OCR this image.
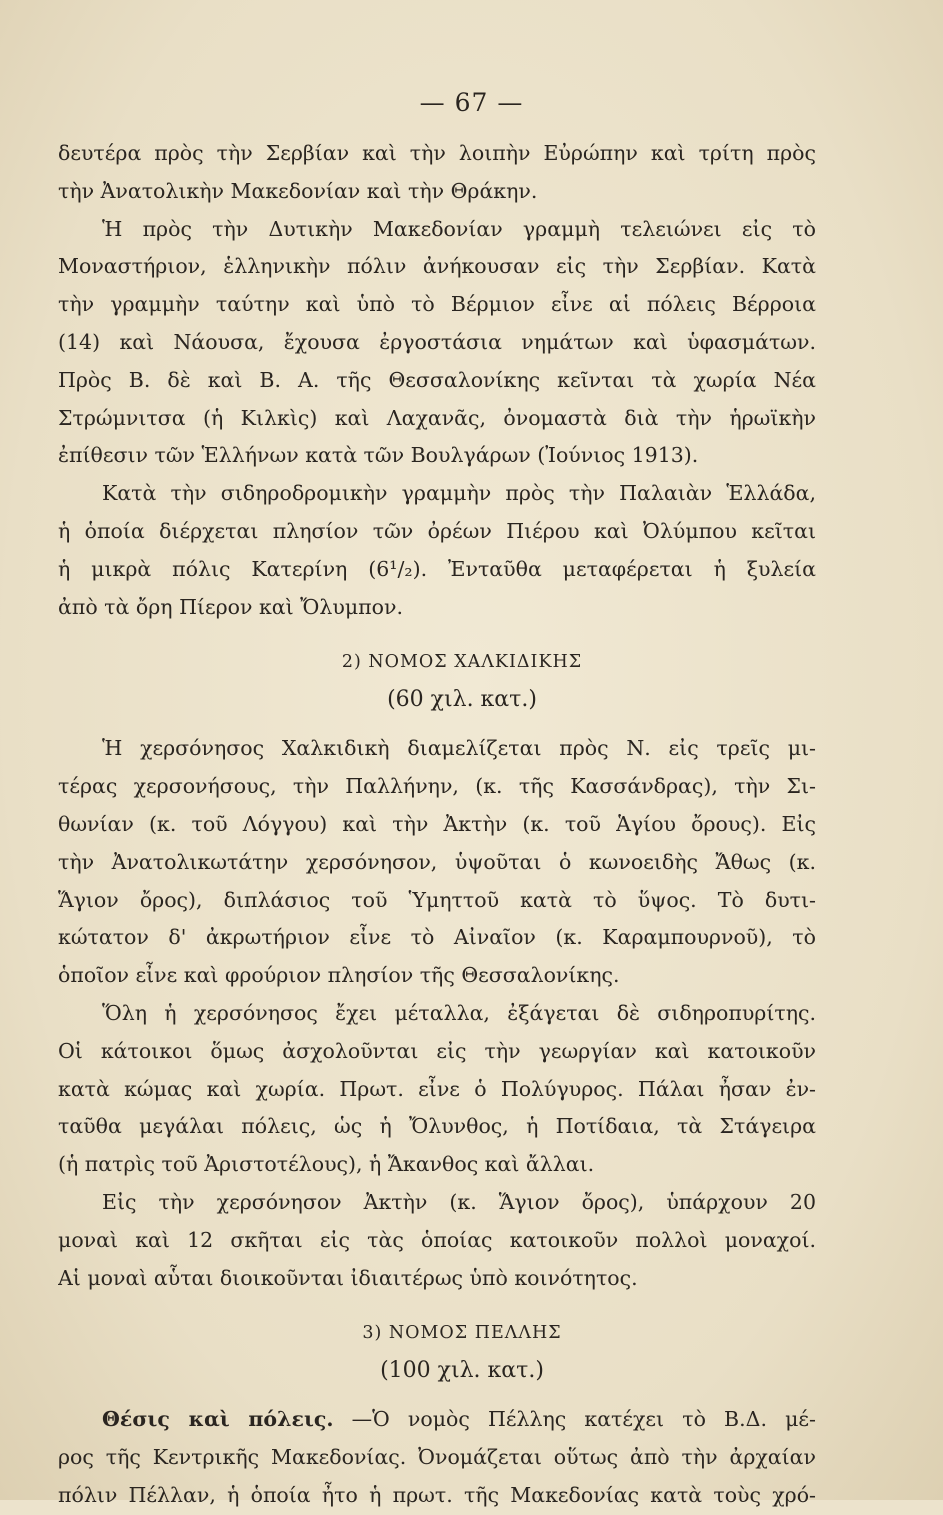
— 67 —
δευτέρα πρὸς τὴν Σερβίαν καὶ τὴν λοιπὴν Εὐρώπην καὶ τρίτη πρὸς
τὴν Ἀνατολικὴν Μακεδονίαν καὶ τὴν Θράκην.
Ἡ πρὸς τὴν Δυτικὴν Μακεδονίαν γραμμὴ τελειώνει εἰς τὸ
Μοναστήριον, ἑλληνικὴν πόλιν ἀνήκουσαν εἰς τὴν Σερβίαν. Κατὰ
τὴν γραμμὴν ταύτην καὶ ὑπὸ τὸ Βέρμιον εἶνε αἱ πόλεις Βέρροια
(14) καὶ Νάουσα, ἔχουσα ἐργοστάσια νημάτων καὶ ὑφασμάτων.
Πρὸς Β. δὲ καὶ Β. Α. τῆς Θεσσαλονίκης κεῖνται τὰ χωρία Νέα
Στρώμνιτσα (ἡ Κιλκὶς) καὶ Λαχανᾶς, ὀνομαστὰ διὰ τὴν ἡρωϊκὴν
ἐπίθεσιν τῶν Ἑλλήνων κατὰ τῶν Βουλγάρων (Ἰούνιος 1913).
Κατὰ τὴν σιδηροδρομικὴν γραμμὴν πρὸς τὴν Παλαιὰν Ἑλλάδα,
ἡ ὁποία διέρχεται πλησίον τῶν ὀρέων Πιέρου καὶ Ὀλύμπου κεῖται
ἡ μικρὰ πόλις Κατερίνη (6¹/₂). Ἐνταῦθα μεταφέρεται ἡ ξυλεία
ἀπὸ τὰ ὄρη Πίερον καὶ Ὄλυμπον.
2) ΝΟΜΟΣ ΧΑΛΚΙΔΙΚΗΣ
(60 χιλ. κατ.)
Ἡ χερσόνησος Χαλκιδικὴ διαμελίζεται πρὸς Ν. εἰς τρεῖς μι-
τέρας χερσονήσους, τὴν Παλλήνην, (κ. τῆς Κασσάνδρας), τὴν Σι-
θωνίαν (κ. τοῦ Λόγγου) καὶ τὴν Ἀκτὴν (κ. τοῦ Ἁγίου ὄρους). Εἰς
τὴν Ἀνατολικωτάτην χερσόνησον, ὑψοῦται ὁ κωνοειδὴς Ἄθως (κ.
Ἅγιον ὄρος), διπλάσιος τοῦ Ὑμηττοῦ κατὰ τὸ ὕψος. Τὸ δυτι-
κώτατον δ' ἀκρωτήριον εἶνε τὸ Αἰναῖον (κ. Καραμπουρνοῦ), τὸ
ὁποῖον εἶνε καὶ φρούριον πλησίον τῆς Θεσσαλονίκης.
Ὅλη ἡ χερσόνησος ἔχει μέταλλα, ἐξάγεται δὲ σιδηροπυρίτης.
Οἱ κάτοικοι ὅμως ἀσχολοῦνται εἰς τὴν γεωργίαν καὶ κατοικοῦν
κατὰ κώμας καὶ χωρία. Πρωτ. εἶνε ὁ Πολύγυρος. Πάλαι ἦσαν ἐν-
ταῦθα μεγάλαι πόλεις, ὡς ἡ Ὄλυνθος, ἡ Ποτίδαια, τὰ Στάγειρα
(ἡ πατρὶς τοῦ Ἀριστοτέλους), ἡ Ἄκανθος καὶ ἄλλαι.
Εἰς τὴν χερσόνησον Ἀκτὴν (κ. Ἅγιον ὄρος), ὑπάρχουν 20
μοναὶ καὶ 12 σκῆται εἰς τὰς ὁποίας κατοικοῦν πολλοὶ μοναχοί.
Αἱ μοναὶ αὗται διοικοῦνται ἰδιαιτέρως ὑπὸ κοινότητος.
3) ΝΟΜΟΣ ΠΕΛΛΗΣ
(100 χιλ. κατ.)
Θέσις καὶ πόλεις. —Ὁ νομὸς Πέλλης κατέχει τὸ Β.Δ. μέ-
ρος τῆς Κεντρικῆς Μακεδονίας. Ὀνομάζεται οὕτως ἀπὸ τὴν ἀρχαίαν
πόλιν Πέλλαν, ἡ ὁποία ἦτο ἡ πρωτ. τῆς Μακεδονίας κατὰ τοὺς χρό-
